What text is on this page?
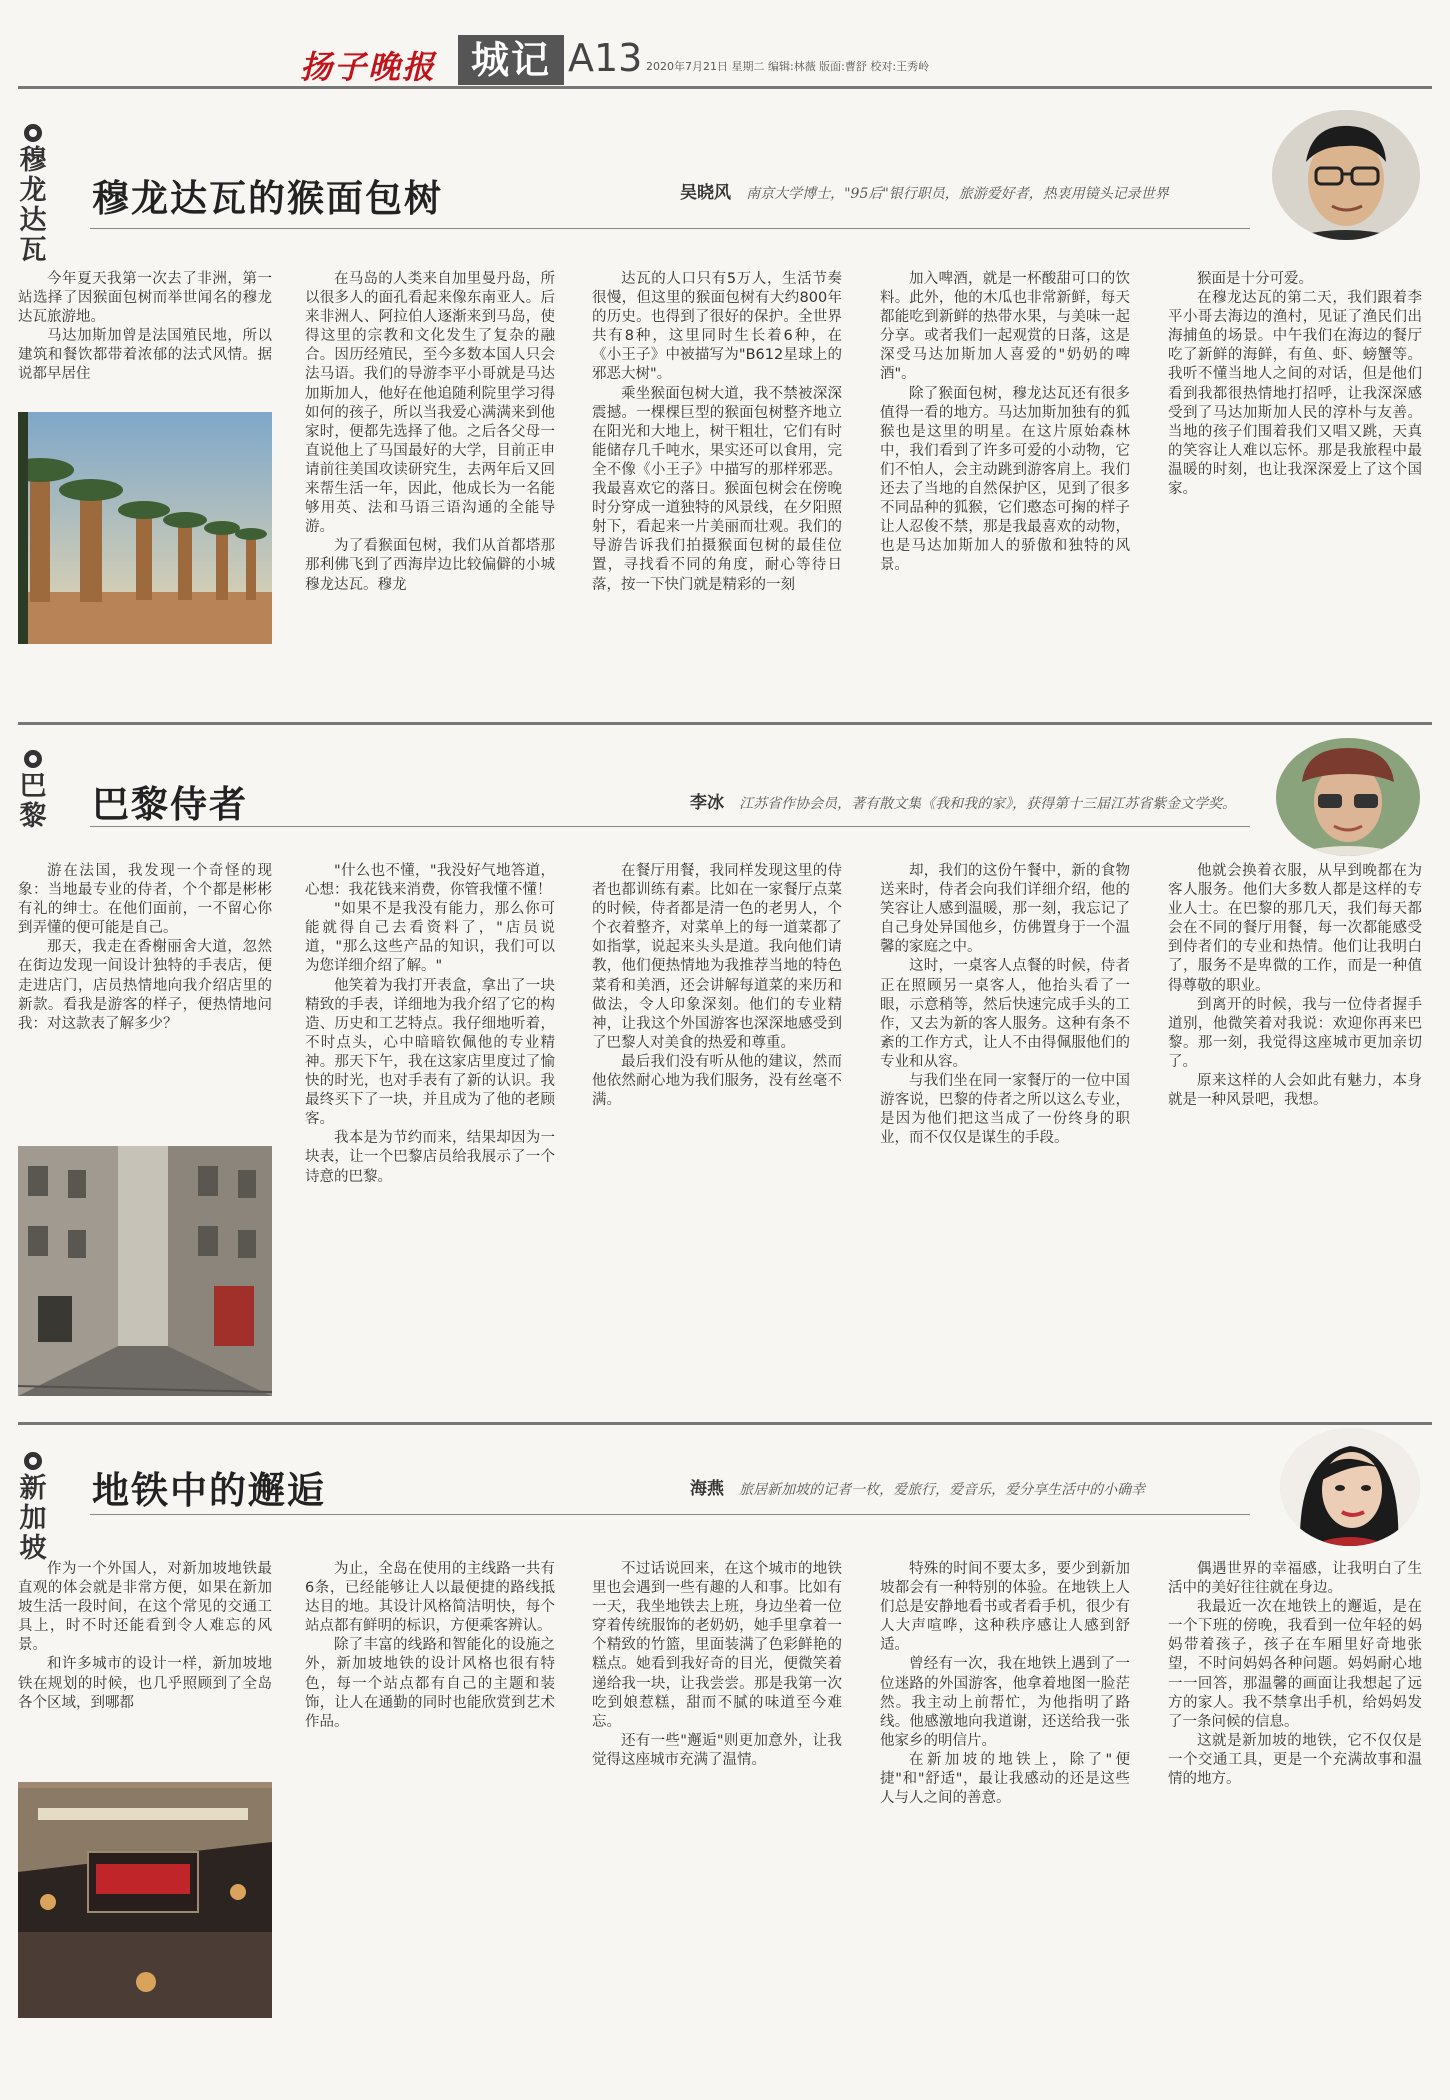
扬子晚报 城记 A13 2020年7月21日 星期二 编辑:林薇 版面:曹舒 校对:王秀岭
穆
龙
达
瓦
穆龙达瓦的猴面包树	吴晓风 南京大学博士，"95后"银行职员，旅游爱好者，热衷用镜头记录世界

今年夏天我第一次去了非洲，第一站选择了因猴面包树而举世闻名的穆龙达瓦旅游地。

马达加斯加曾是法国殖民地，所以建筑和餐饮都带着浓郁的法式风情。据说都早居住

在马岛的人类来自加里曼丹岛，所以很多人的面孔看起来像东南亚人。后来非洲人、阿拉伯人逐渐来到马岛，使得这里的宗教和文化发生了复杂的融合。因历经殖民，至今多数本国人只会法马语。我们的导游李平小哥就是马达加斯加人，他好在他追随利院里学习得如何的孩子，所以当我爱心满满来到他家时，便都先选择了他。之后各父母一直说他上了马国最好的大学，目前正申请前往美国攻读研究生，去两年后又回来帮生活一年，因此，他成长为一名能够用英、法和马语三语沟通的全能导游。

为了看猴面包树，我们从首都塔那那利佛飞到了西海岸边比较偏僻的小城穆龙达瓦。穆龙

达瓦的人口只有5万人，生活节奏很慢，但这里的猴面包树有大约800年的历史。也得到了很好的保护。全世界共有8种，这里同时生长着6种，在《小王子》中被描写为"B612星球上的邪恶大树"。

乘坐猴面包树大道，我不禁被深深震撼。一棵棵巨型的猴面包树整齐地立在阳光和大地上，树干粗壮，它们有时能储存几千吨水，果实还可以食用，完全不像《小王子》中描写的那样邪恶。我最喜欢它的落日。猴面包树会在傍晚时分穿成一道独特的风景线，在夕阳照射下，看起来一片美丽而壮观。我们的导游告诉我们拍摄猴面包树的最佳位置，寻找看不同的角度，耐心等待日落，按一下快门就是精彩的一刻

加入啤酒，就是一杯酸甜可口的饮料。此外，他的木瓜也非常新鲜，每天都能吃到新鲜的热带水果，与美味一起分享。或者我们一起观赏的日落，这是深受马达加斯加人喜爱的"奶奶的啤酒"。

除了猴面包树，穆龙达瓦还有很多值得一看的地方。马达加斯加独有的狐猴也是这里的明星。在这片原始森林中，我们看到了许多可爱的小动物，它们不怕人，会主动跳到游客肩上。我们还去了当地的自然保护区，见到了很多不同品种的狐猴，它们憨态可掬的样子让人忍俊不禁，那是我最喜欢的动物，也是马达加斯加人的骄傲和独特的风景。

猴面是十分可爱。

在穆龙达瓦的第二天，我们跟着李平小哥去海边的渔村，见证了渔民们出海捕鱼的场景。中午我们在海边的餐厅吃了新鲜的海鲜，有鱼、虾、螃蟹等。我听不懂当地人之间的对话，但是他们看到我都很热情地打招呼，让我深深感受到了马达加斯加人民的淳朴与友善。当地的孩子们围着我们又唱又跳，天真的笑容让人难以忘怀。那是我旅程中最温暖的时刻，也让我深深爱上了这个国家。

巴
黎 巴黎侍者	李冰 江苏省作协会员，著有散文集《我和我的家》，获得第十三届江苏省紫金文学奖。

游在法国，我发现一个奇怪的现象：当地最专业的侍者，个个都是彬彬有礼的绅士。在他们面前，一不留心你到弄懂的便可能是自己。

那天，我走在香榭丽舍大道，忽然在街边发现一间设计独特的手表店，便走进店门，店员热情地向我介绍店里的新款。看我是游客的样子，便热情地问我：对这款表了解多少？

"什么也不懂，"我没好气地答道，心想：我花钱来消费，你管我懂不懂！

"如果不是我没有能力，那么你可能就得自己去看资料了，"店员说道，"那么这些产品的知识，我们可以为您详细介绍了解。"

他笑着为我打开表盒，拿出了一块精致的手表，详细地为我介绍了它的构造、历史和工艺特点。我仔细地听着，不时点头，心中暗暗钦佩他的专业精神。那天下午，我在这家店里度过了愉快的时光，也对手表有了新的认识。我最终买下了一块，并且成为了他的老顾客。

我本是为节约而来，结果却因为一块表，让一个巴黎店员给我展示了一个诗意的巴黎。

在餐厅用餐，我同样发现这里的侍者也都训练有素。比如在一家餐厅点菜的时候，侍者都是清一色的老男人，个个衣着整齐，对菜单上的每一道菜都了如指掌，说起来头头是道。我向他们请教，他们便热情地为我推荐当地的特色菜肴和美酒，还会讲解每道菜的来历和做法，令人印象深刻。他们的专业精神，让我这个外国游客也深深地感受到了巴黎人对美食的热爱和尊重。

最后我们没有听从他的建议，然而他依然耐心地为我们服务，没有丝毫不满。

却，我们的这份午餐中，新的食物送来时，侍者会向我们详细介绍，他的笑容让人感到温暖，那一刻，我忘记了自己身处异国他乡，仿佛置身于一个温馨的家庭之中。

这时，一桌客人点餐的时候，侍者正在照顾另一桌客人，他抬头看了一眼，示意稍等，然后快速完成手头的工作，又去为新的客人服务。这种有条不紊的工作方式，让人不由得佩服他们的专业和从容。

与我们坐在同一家餐厅的一位中国游客说，巴黎的侍者之所以这么专业，是因为他们把这当成了一份终身的职业，而不仅仅是谋生的手段。

他就会换着衣服，从早到晚都在为客人服务。他们大多数人都是这样的专业人士。在巴黎的那几天，我们每天都会在不同的餐厅用餐，每一次都能感受到侍者们的专业和热情。他们让我明白了，服务不是卑微的工作，而是一种值得尊敬的职业。

到离开的时候，我与一位侍者握手道别，他微笑着对我说：欢迎你再来巴黎。那一刻，我觉得这座城市更加亲切了。

原来这样的人会如此有魅力，本身就是一种风景吧，我想。

新
加
坡
地铁中的邂逅	海燕 旅居新加坡的记者一枚，爱旅行，爱音乐，爱分享生活中的小确幸

作为一个外国人，对新加坡地铁最直观的体会就是非常方便，如果在新加坡生活一段时间，在这个常见的交通工具上，时不时还能看到令人难忘的风景。

和许多城市的设计一样，新加坡地铁在规划的时候，也几乎照顾到了全岛各个区域，到哪都

为止，全岛在使用的主线路一共有6条，已经能够让人以最便捷的路线抵达目的地。其设计风格简洁明快，每个站点都有鲜明的标识，方便乘客辨认。

除了丰富的线路和智能化的设施之外，新加坡地铁的设计风格也很有特色，每一个站点都有自己的主题和装饰，让人在通勤的同时也能欣赏到艺术作品。

不过话说回来，在这个城市的地铁里也会遇到一些有趣的人和事。比如有一天，我坐地铁去上班，身边坐着一位穿着传统服饰的老奶奶，她手里拿着一个精致的竹篮，里面装满了色彩鲜艳的糕点。她看到我好奇的目光，便微笑着递给我一块，让我尝尝。那是我第一次吃到娘惹糕，甜而不腻的味道至今难忘。

还有一些"邂逅"则更加意外，让我觉得这座城市充满了温情。

特殊的时间不要太多，要少到新加坡都会有一种特别的体验。在地铁上人们总是安静地看书或者看手机，很少有人大声喧哗，这种秩序感让人感到舒适。

曾经有一次，我在地铁上遇到了一位迷路的外国游客，他拿着地图一脸茫然。我主动上前帮忙，为他指明了路线。他感激地向我道谢，还送给我一张他家乡的明信片。

在新加坡的地铁上，除了"便捷"和"舒适"，最让我感动的还是这些人与人之间的善意。

偶遇世界的幸福感，让我明白了生活中的美好往往就在身边。

我最近一次在地铁上的邂逅，是在一个下班的傍晚，我看到一位年轻的妈妈带着孩子，孩子在车厢里好奇地张望，不时问妈妈各种问题。妈妈耐心地一一回答，那温馨的画面让我想起了远方的家人。我不禁拿出手机，给妈妈发了一条问候的信息。

这就是新加坡的地铁，它不仅仅是一个交通工具，更是一个充满故事和温情的地方。
